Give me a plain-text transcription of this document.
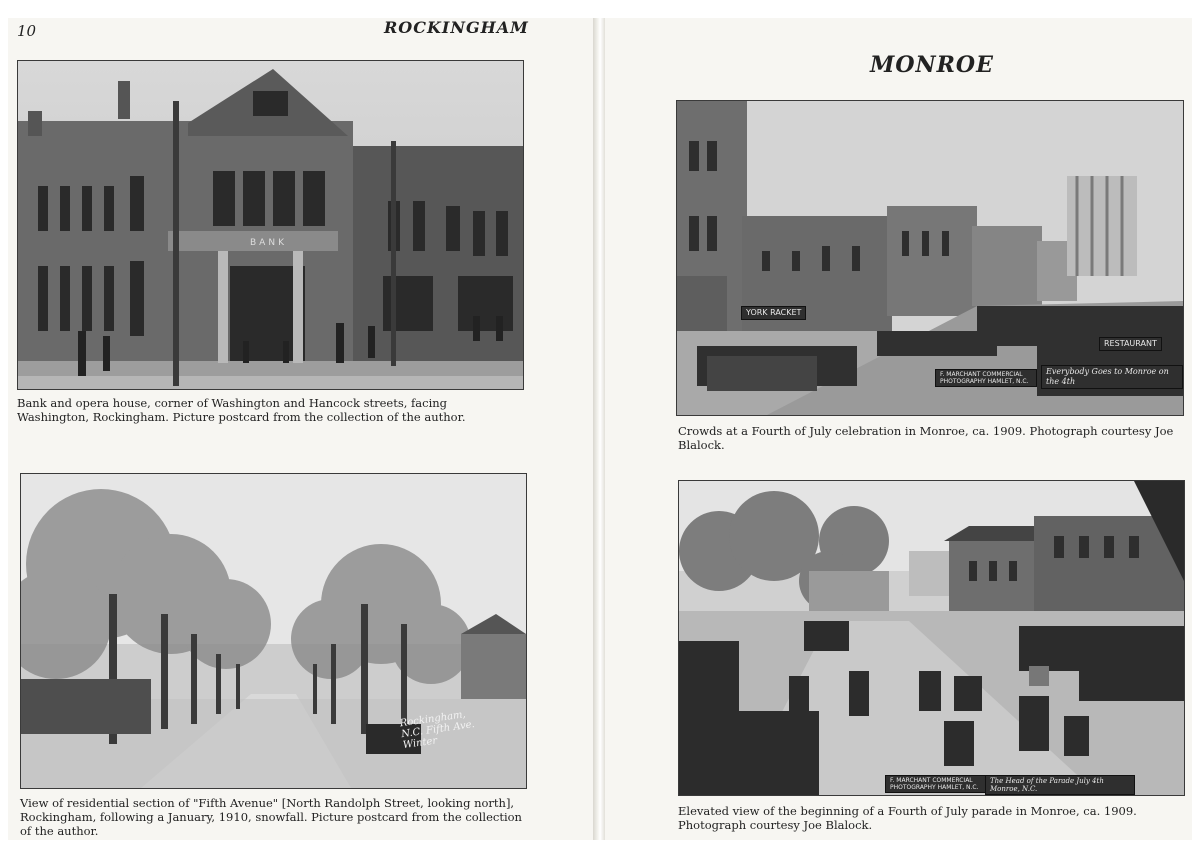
10	ROCKINGHAM
MONROE
BANK
Bank and opera house, corner of Washington and Hancock streets, facing Washington, Rockingham. Picture postcard from the collection of the author.
Rockingham, N.C. Fifth Ave. Winter
View of residential section of "Fifth Avenue" [North Randolph Street, looking north], Rockingham, following a January, 1910, snowfall. Picture postcard from the collection of the author.
YORK RACKET
RESTAURANT
F. MARCHANT COMMERCIAL PHOTOGRAPHY HAMLET, N.C.
Everybody Goes to Monroe on the 4th
Crowds at a Fourth of July celebration in Monroe, ca. 1909. Photograph courtesy Joe Blalock.
F. MARCHANT COMMERCIAL PHOTOGRAPHY HAMLET, N.C.
The Head of the Parade July 4th Monroe, N.C.
Elevated view of the beginning of a Fourth of July parade in Monroe, ca. 1909. Photograph courtesy Joe Blalock.
